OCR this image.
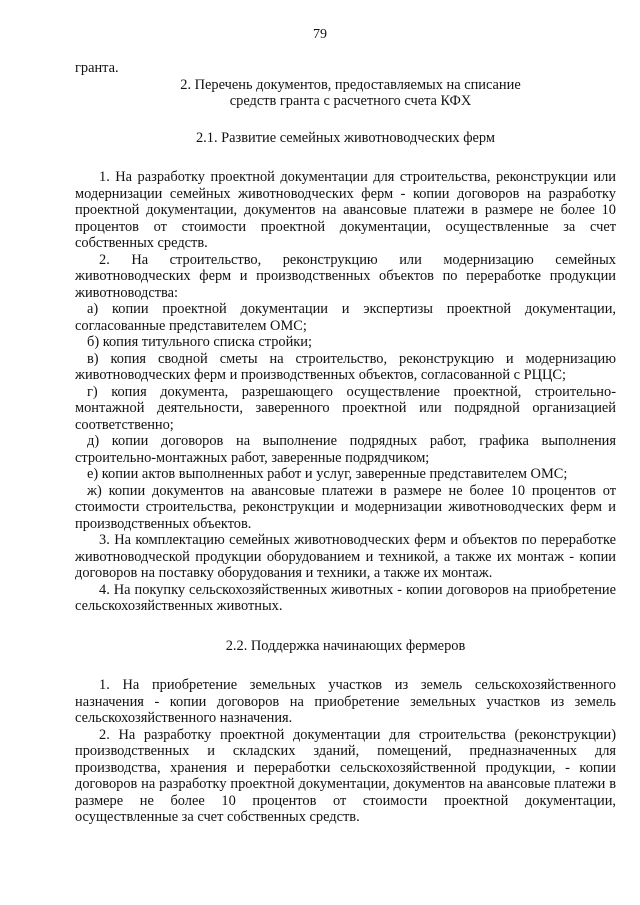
79

гранта.

2. Перечень документов, предоставляемых на списание

средств гранта с расчетного счета КФХ

2.1. Развитие семейных животноводческих ферм

1. На разработку проектной документации для строительства, реконструкции или модернизации семейных животноводческих ферм - копии договоров на разработку проектной документации, документов на авансовые платежи в размере не более 10 процентов от стоимости проектной документации, осуществленные за счет собственных средств.

2. На строительство, реконструкцию или модернизацию семейных животноводческих ферм и производственных объектов по переработке продукции животноводства:

а) копии проектной документации и экспертизы проектной документации, согласованные представителем ОМС;

б) копия титульного списка стройки;

в) копия сводной сметы на строительство, реконструкцию и модернизацию животноводческих ферм и производственных объектов, согласованной с РЦЦС;

г) копия документа, разрешающего осуществление проектной, строительно-монтажной деятельности, заверенного проектной или подрядной организацией соответственно;

д) копии договоров на выполнение подрядных работ, графика выполнения строительно-монтажных работ, заверенные подрядчиком;

е) копии актов выполненных работ и услуг, заверенные представителем ОМС;

ж) копии документов на авансовые платежи в размере не более 10 процентов от стоимости строительства, реконструкции и модернизации животноводческих ферм и производственных объектов.

3. На комплектацию семейных животноводческих ферм и объектов по переработке животноводческой продукции оборудованием и техникой, а также их монтаж - копии договоров на поставку оборудования и техники, а также их монтаж.

4. На покупку сельскохозяйственных животных - копии договоров на приобретение сельскохозяйственных животных.

2.2. Поддержка начинающих фермеров

1. На приобретение земельных участков из земель сельскохозяйственного назначения - копии договоров на приобретение земельных участков из земель сельскохозяйственного назначения.

2. На разработку проектной документации для строительства (реконструкции) производственных и складских зданий, помещений, предназначенных для производства, хранения и переработки сельскохозяйственной продукции, - копии договоров на разработку проектной документации, документов на авансовые платежи в размере не более 10 процентов от стоимости проектной документации, осуществленные за счет собственных средств.
